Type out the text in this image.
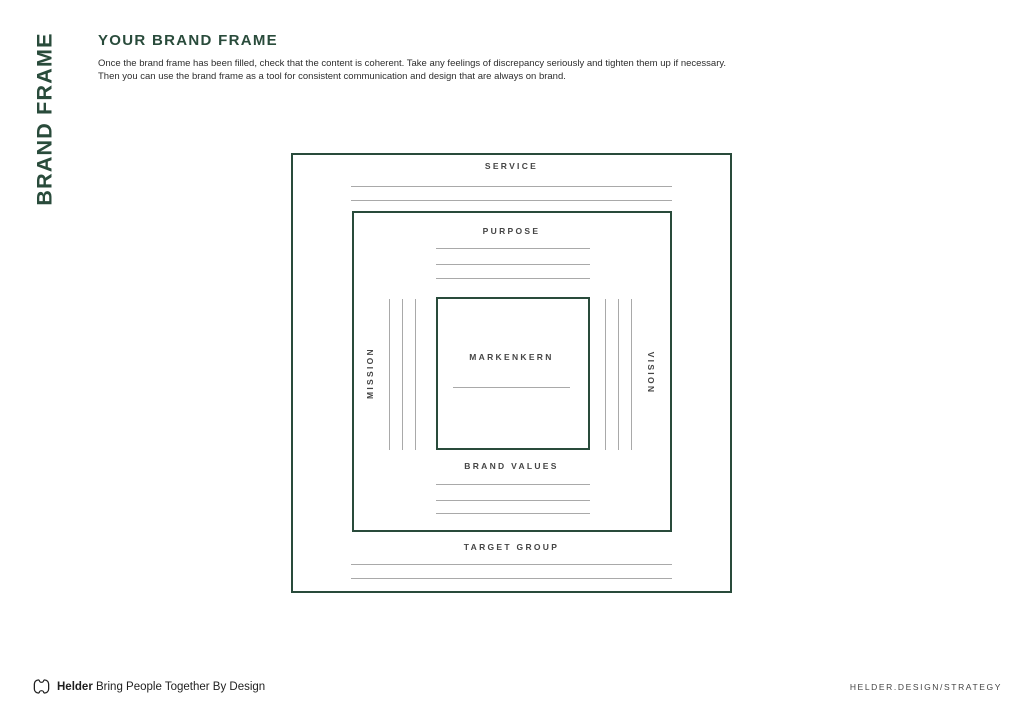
BRAND FRAME	YOUR BRAND FRAME

Once the brand frame has been filled, check that the content is coherent. Take any feelings of discrepancy seriously and tighten them up if necessary.
Then you can use the brand frame as a tool for consistent communication and design that are always on brand.

SERVICE
PURPOSE
MISSION	MARKENKERN	VISION
BRAND VALUES
TARGET GROUP
Helder Bring People Together By Design	HELDER.DESIGN/STRATEGY
